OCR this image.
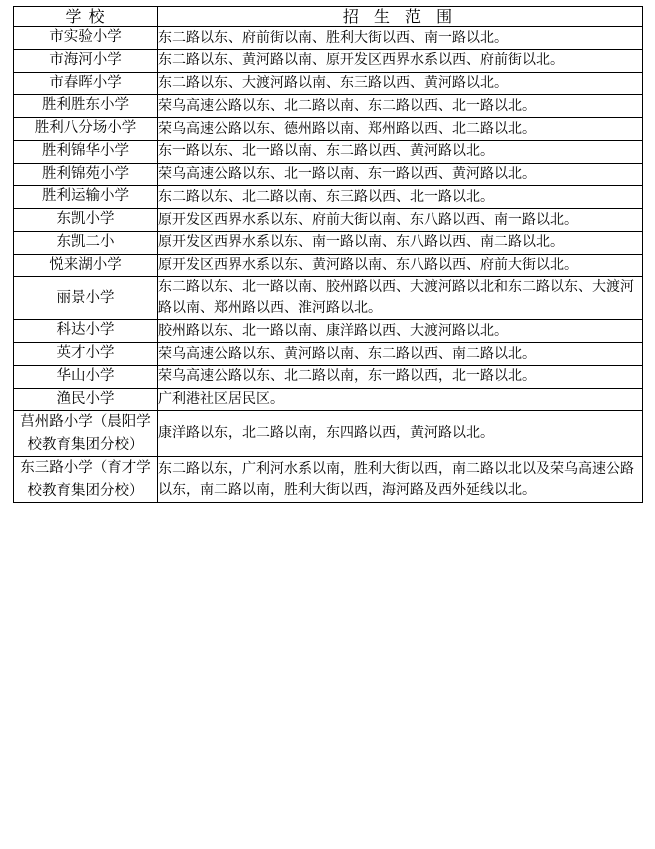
学 校	招 生 范 围
市实验小学	东二路以东、府前街以南、胜利大街以西、南一路以北。
市海河小学	东二路以东、黄河路以南、原开发区西界水系以西、府前街以北。
市春晖小学	东二路以东、大渡河路以南、东三路以西、黄河路以北。
胜利胜东小学	荣乌高速公路以东、北二路以南、东二路以西、北一路以北。
胜利八分场小学	荣乌高速公路以东、德州路以南、郑州路以西、北二路以北。
胜利锦华小学	东一路以东、北一路以南、东二路以西、黄河路以北。
胜利锦苑小学	荣乌高速公路以东、北一路以南、东一路以西、黄河路以北。
胜利运输小学	东二路以东、北二路以南、东三路以西、北一路以北。
东凯小学	原开发区西界水系以东、府前大街以南、东八路以西、南一路以北。
东凯二小	原开发区西界水系以东、南一路以南、东八路以西、南二路以北。
悦来湖小学	原开发区西界水系以东、黄河路以南、东八路以西、府前大街以北。
丽景小学	东二路以东、北一路以南、胶州路以西、大渡河路以北和东二路以东、大渡河路以南、郑州路以西、淮河路以北。
科达小学	胶州路以东、北一路以南、康洋路以西、大渡河路以北。
英才小学	荣乌高速公路以东、黄河路以南、东二路以西、南二路以北。
华山小学	荣乌高速公路以东、北二路以南，东一路以西，北一路以北。
渔民小学	广利港社区居民区。
莒州路小学（晨阳学校教育集团分校）	康洋路以东，北二路以南，东四路以西，黄河路以北。
东三路小学（育才学校教育集团分校）	东二路以东，广利河水系以南，胜利大街以西，南二路以北以及荣乌高速公路以东，南二路以南，胜利大街以西，海河路及西外延线以北。
